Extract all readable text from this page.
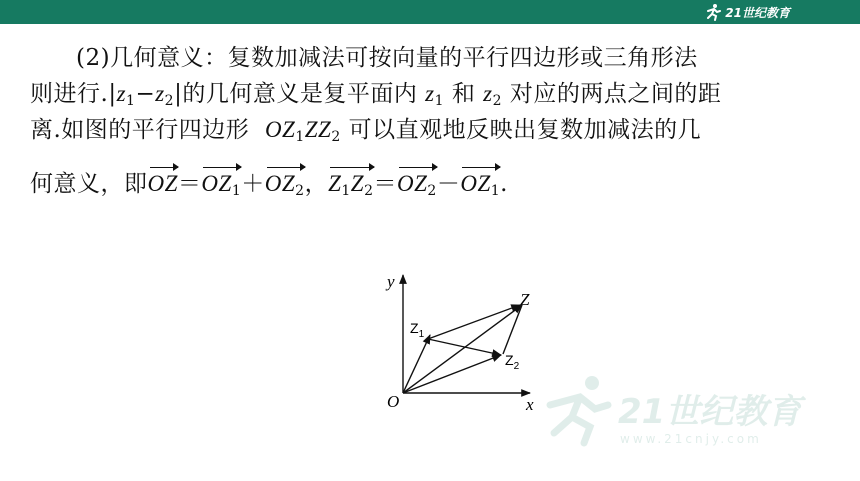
21世纪教育
(2)几何意义：复数加减法可按向量的平行四边形或三角形法
则进行$.|z_1-z_2|$的几何意义是复平面内 $z_1$ 和 $z_2$ 对应的两点之间的距
离.如图的平行四边形 $OZ_1ZZ_2$ 可以直观地反映出复数加减法的几
何意义，即$OZ=OZ_1+OZ_2$，$Z_1Z_2=OZ_2-OZ_1$.
y
x
O
Z
$Z_1$
$Z_2$
21世纪教育
www.21cnjy.com
